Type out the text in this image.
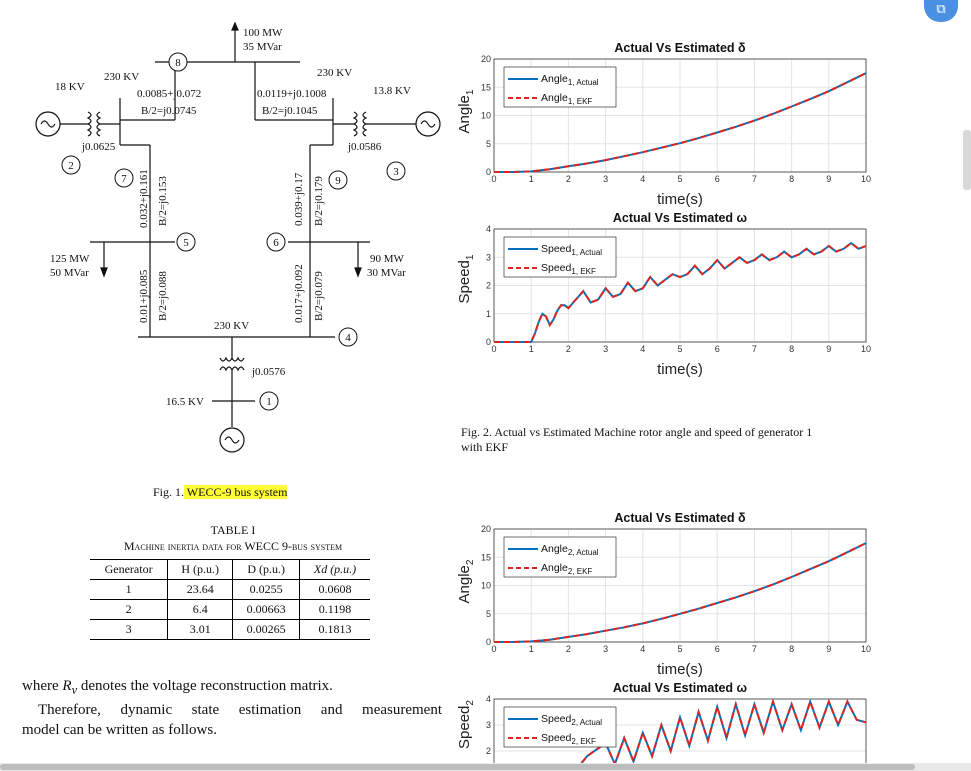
8
2
7	9
3
5	6
4
1
100 MW
35 MVar
230 KV	230 KV
0.0085+j0.072
B/2=j0.0745
0.0119+j0.1008
B/2=j0.1045
18 KV	13.8 KV
j0.0625	j0.0586
0.032+j0.161 B/2=j0.153	0.039+j0.17 B/2=j0.179
125 MW
50 MVar
90 MW
30 MVar
0.01+j0.085 B/2=j0.088	0.017+j0.092 B/2=j0.079
230 KV
j0.0576
16.5 KV
Fig. 1. WECC-9 bus system
TABLE I
Machine inertia data for WECC 9-bus system
Generator	H (p.u.)	D (p.u.)	Xd (p.u.)
1	23.64	0.0255	0.0608
2	6.4	0.00663	0.1198
3	3.01	0.00265	0.1813
where $R_v$ denotes the voltage reconstruction matrix.
Therefore, dynamic state estimation and measurement
model can be written as follows.
Actual Vs Estimated δ
0	1	2	3	4	5	6	7	8	9	10
0
5
10
15
20
time(s)
Angle$_1$
Angle$_{1, Actual}$
Angle$_{1, EKF}$
Actual Vs Estimated ω
0	1	2	3	4	5	6	7	8	9	10
0
1
2
3
4
time(s)
Speed$_1$
Speed$_{1, Actual}$
Speed$_{1, EKF}$
Fig. 2. Actual vs Estimated Machine rotor angle and speed of generator 1
with EKF
Actual Vs Estimated δ
0	1	2	3	4	5	6	7	8	9	10
0
5
10
15
20
time(s)
Angle$_2$
Angle$_{2, Actual}$
Angle$_{2, EKF}$
Actual Vs Estimated ω
2
3
4
Speed$_2$
Speed$_{2, Actual}$
Speed$_{2, EKF}$
⧉
